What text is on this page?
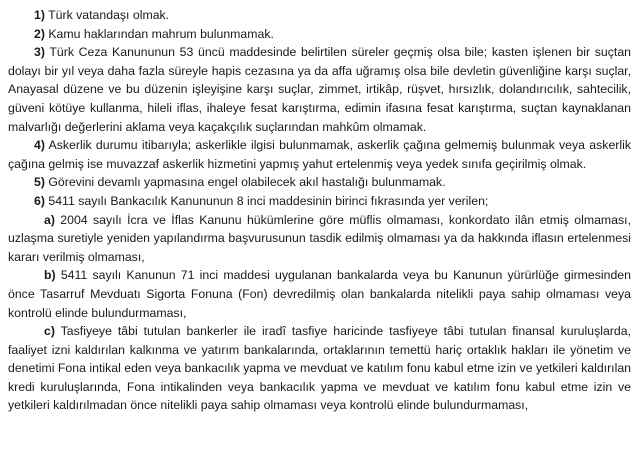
1) Türk vatandaşı olmak.

2) Kamu haklarından mahrum bulunmamak.

3) Türk Ceza Kanununun 53 üncü maddesinde belirtilen süreler geçmiş olsa bile; kasten işlenen bir suçtan dolayı bir yıl veya daha fazla süreyle hapis cezasına ya da affa uğramış olsa bile devletin güvenliğine karşı suçlar, Anayasal düzene ve bu düzenin işleyişine karşı suçlar, zimmet, irtikâp, rüşvet, hırsızlık, dolandırıcılık, sahtecilik, güveni kötüye kullanma, hileli iflas, ihaleye fesat karıştırma, edimin ifasına fesat karıştırma, suçtan kaynaklanan malvarlığı değerlerini aklama veya kaçakçılık suçlarından mahkûm olmamak.

4) Askerlik durumu itibarıyla; askerlikle ilgisi bulunmamak, askerlik çağına gelmemiş bulunmak veya askerlik çağına gelmiş ise muvazzaf askerlik hizmetini yapmış yahut ertelenmiş veya yedek sınıfa geçirilmiş olmak.

5) Görevini devamlı yapmasına engel olabilecek akıl hastalığı bulunmamak.

6) 5411 sayılı Bankacılık Kanununun 8 inci maddesinin birinci fıkrasında yer verilen;

a) 2004 sayılı İcra ve İflas Kanunu hükümlerine göre müflis olmaması, konkordato ilân etmiş olmaması, uzlaşma suretiyle yeniden yapılandırma başvurusunun tasdik edilmiş olmaması ya da hakkında iflasın ertelenmesi kararı verilmiş olmaması,

b) 5411 sayılı Kanunun 71 inci maddesi uygulanan bankalarda veya bu Kanunun yürürlüğe girmesinden önce Tasarruf Mevduatı Sigorta Fonuna (Fon) devredilmiş olan bankalarda nitelikli paya sahip olmaması veya kontrolü elinde bulundurmaması,

c) Tasfiyeye tâbi tutulan bankerler ile iradî tasfiye haricinde tasfiyeye tâbi tutulan finansal kuruluşlarda, faaliyet izni kaldırılan kalkınma ve yatırım bankalarında, ortaklarının temettü hariç ortaklık hakları ile yönetim ve denetimi Fona intikal eden veya bankacılık yapma ve mevduat ve katılım fonu kabul etme izin ve yetkileri kaldırılan kredi kuruluşlarında, Fona intikalinden veya bankacılık yapma ve mevduat ve katılım fonu kabul etme izin ve yetkileri kaldırılmadan önce nitelikli paya sahip olmaması veya kontrolü elinde bulundurmaması,
